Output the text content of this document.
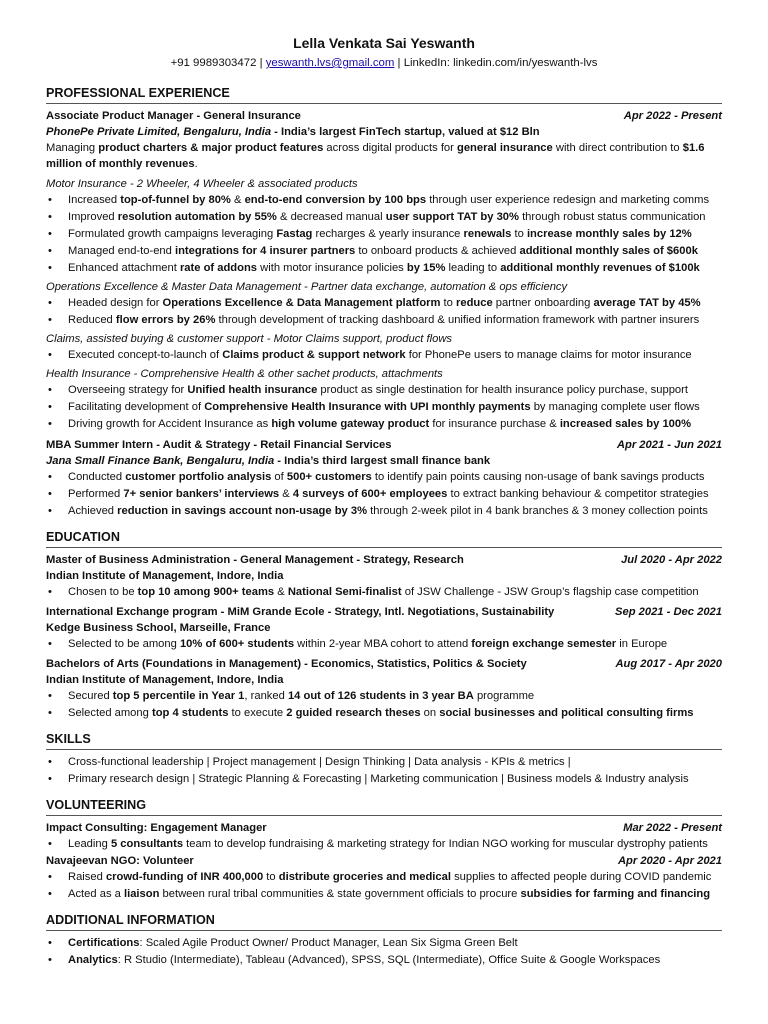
Lella Venkata Sai Yeswanth
+91 9989303472 | yeswanth.lvs@gmail.com | LinkedIn: linkedin.com/in/yeswanth-lvs
PROFESSIONAL EXPERIENCE
Associate Product Manager - General Insurance	Apr 2022 - Present
PhonePe Private Limited, Bengaluru, India - India’s largest FinTech startup, valued at $12 Bln
Managing product charters & major product features across digital products for general insurance with direct contribution to $1.6 million of monthly revenues.
Motor Insurance - 2 Wheeler, 4 Wheeler & associated products
• Increased top-of-funnel by 80% & end-to-end conversion by 100 bps through user experience redesign and marketing comms
• Improved resolution automation by 55% & decreased manual user support TAT by 30% through robust status communication
• Formulated growth campaigns leveraging Fastag recharges & yearly insurance renewals to increase monthly sales by 12%
• Managed end-to-end integrations for 4 insurer partners to onboard products & achieved additional monthly sales of $600k
• Enhanced attachment rate of addons with motor insurance policies by 15% leading to additional monthly revenues of $100k
Operations Excellence & Master Data Management - Partner data exchange, automation & ops efficiency
• Headed design for Operations Excellence & Data Management platform to reduce partner onboarding average TAT by 45%
• Reduced flow errors by 26% through development of tracking dashboard & unified information framework with partner insurers
Claims, assisted buying & customer support - Motor Claims support, product flows
• Executed concept-to-launch of Claims product & support network for PhonePe users to manage claims for motor insurance
Health Insurance - Comprehensive Health & other sachet products, attachments
• Overseeing strategy for Unified health insurance product as single destination for health insurance policy purchase, support
• Facilitating development of Comprehensive Health Insurance with UPI monthly payments by managing complete user flows
• Driving growth for Accident Insurance as high volume gateway product for insurance purchase & increased sales by 100%
MBA Summer Intern - Audit & Strategy - Retail Financial Services	Apr 2021 - Jun 2021
Jana Small Finance Bank, Bengaluru, India - India’s third largest small finance bank
• Conducted customer portfolio analysis of 500+ customers to identify pain points causing non-usage of bank savings products
• Performed 7+ senior bankers’ interviews & 4 surveys of 600+ employees to extract banking behaviour & competitor strategies
• Achieved reduction in savings account non-usage by 3% through 2-week pilot in 4 bank branches & 3 money collection points
EDUCATION
Master of Business Administration - General Management - Strategy, Research	Jul 2020 - Apr 2022
Indian Institute of Management, Indore, India
• Chosen to be top 10 among 900+ teams & National Semi-finalist of JSW Challenge - JSW Group’s flagship case competition
International Exchange program - MiM Grande Ecole - Strategy, Intl. Negotiations, Sustainability	Sep 2021 - Dec 2021
Kedge Business School, Marseille, France
• Selected to be among 10% of 600+ students within 2-year MBA cohort to attend foreign exchange semester in Europe
Bachelors of Arts (Foundations in Management) - Economics, Statistics, Politics & Society	Aug 2017 - Apr 2020
Indian Institute of Management, Indore, India
• Secured top 5 percentile in Year 1, ranked 14 out of 126 students in 3 year BA programme
• Selected among top 4 students to execute 2 guided research theses on social businesses and political consulting firms
SKILLS
• Cross-functional leadership | Project management | Design Thinking | Data analysis - KPIs & metrics |
• Primary research design | Strategic Planning & Forecasting | Marketing communication | Business models & Industry analysis
VOLUNTEERING
Impact Consulting: Engagement Manager	Mar 2022 - Present
• Leading 5 consultants team to develop fundraising & marketing strategy for Indian NGO working for muscular dystrophy patients
Navajeevan NGO: Volunteer	Apr 2020 - Apr 2021
• Raised crowd-funding of INR 400,000 to distribute groceries and medical supplies to affected people during COVID pandemic
• Acted as a liaison between rural tribal communities & state government officials to procure subsidies for farming and financing
ADDITIONAL INFORMATION
• Certifications: Scaled Agile Product Owner/ Product Manager, Lean Six Sigma Green Belt
• Analytics: R Studio (Intermediate), Tableau (Advanced), SPSS, SQL (Intermediate), Office Suite & Google Workspaces
